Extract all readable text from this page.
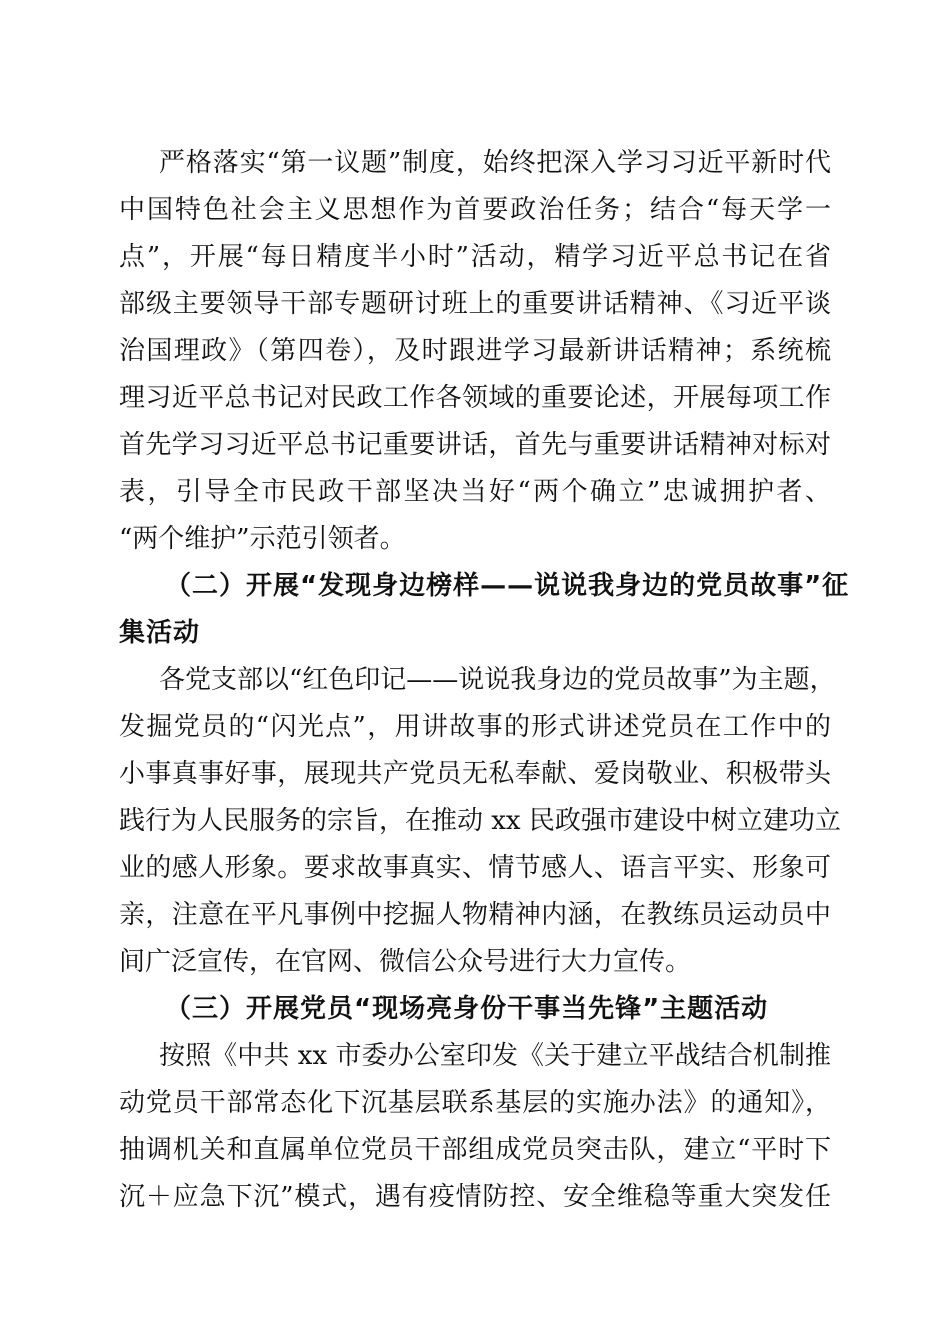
严格落实“第一议题”制度，始终把深入学习习近平新时代
中国特色社会主义思想作为首要政治任务；结合“每天学一
点”，开展“每日精度半小时”活动，精学习近平总书记在省
部级主要领导干部专题研讨班上的重要讲话精神、《习近平谈
治国理政》（第四卷），及时跟进学习最新讲话精神；系统梳
理习近平总书记对民政工作各领域的重要论述，开展每项工作
首先学习习近平总书记重要讲话，首先与重要讲话精神对标对
表，引导全市民政干部坚决当好“两个确立”忠诚拥护者、
“两个维护”示范引领者。
（二）开展“发现身边榜样——说说我身边的党员故事”征
集活动
各党支部以“红色印记——说说我身边的党员故事”为主题，
发掘党员的“闪光点”，用讲故事的形式讲述党员在工作中的
小事真事好事，展现共产党员无私奉献、爱岗敬业、积极带头
践行为人民服务的宗旨，在推动 xx 民政强市建设中树立建功立
业的感人形象。要求故事真实、情节感人、语言平实、形象可
亲，注意在平凡事例中挖掘人物精神内涵，在教练员运动员中
间广泛宣传，在官网、微信公众号进行大力宣传。
（三）开展党员“现场亮身份干事当先锋”主题活动
按照《中共 xx 市委办公室印发《关于建立平战结合机制推
动党员干部常态化下沉基层联系基层的实施办法》的通知》，
抽调机关和直属单位党员干部组成党员突击队，建立“平时下
沉＋应急下沉”模式，遇有疫情防控、安全维稳等重大突发任
